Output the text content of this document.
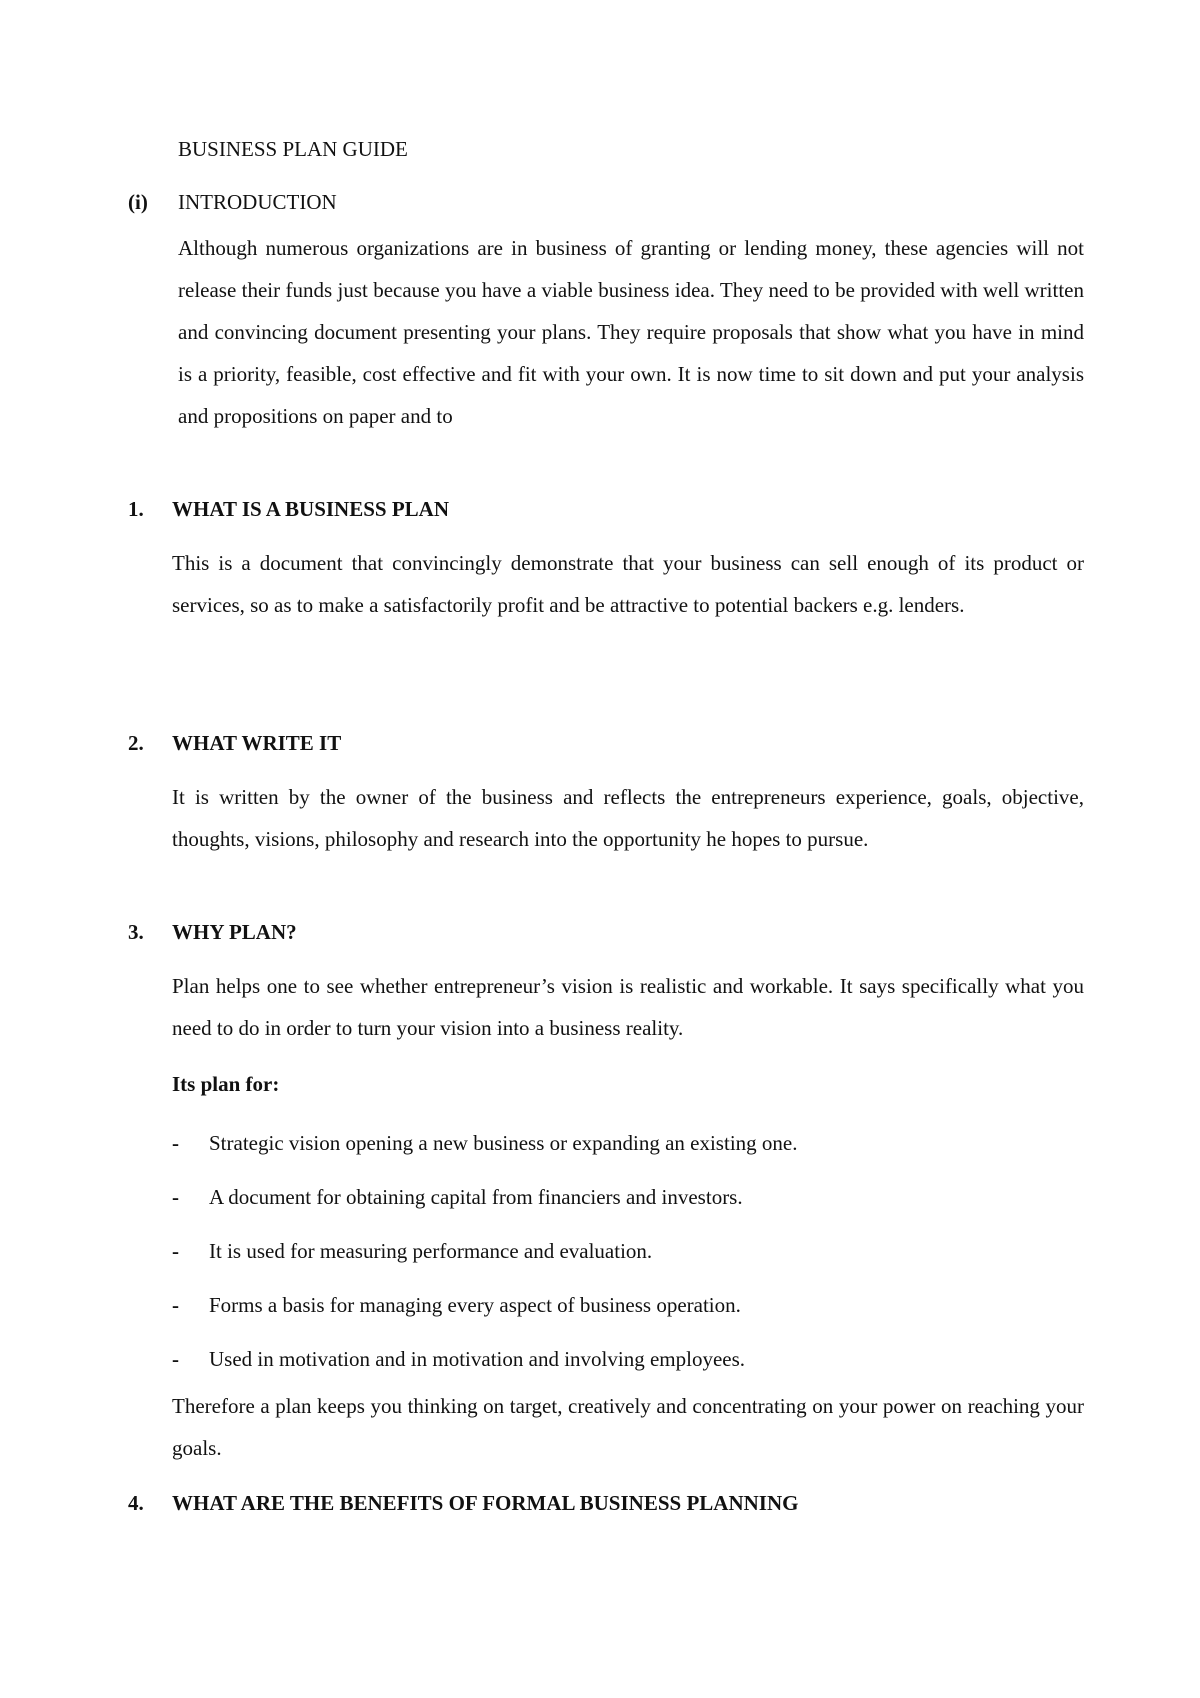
BUSINESS PLAN GUIDE
(i) INTRODUCTION
Although numerous organizations are in business of granting or lending money, these agencies will not release their funds just because you have a viable business idea. They need to be provided with well written and convincing document presenting your plans. They require proposals that show what you have in mind is a priority, feasible, cost effective and fit with your own. It is now time to sit down and put your analysis and propositions on paper and to
1. WHAT IS A BUSINESS PLAN
This is a document that convincingly demonstrate that your business can sell enough of its product or services, so as to make a satisfactorily profit and be attractive to potential backers e.g. lenders.
2. WHAT WRITE IT
It is written by the owner of the business and reflects the entrepreneurs experience, goals, objective, thoughts, visions, philosophy and research into the opportunity he hopes to pursue.
3. WHY PLAN?
Plan helps one to see whether entrepreneur’s vision is realistic and workable. It says specifically what you need to do in order to turn your vision into a business reality.
Its plan for:
- Strategic vision opening a new business or expanding an existing one.
- A document for obtaining capital from financiers and investors.
- It is used for measuring performance and evaluation.
- Forms a basis for managing every aspect of business operation.
- Used in motivation and in motivation and involving employees.
Therefore a plan keeps you thinking on target, creatively and concentrating on your power on reaching your goals.
4. WHAT ARE THE BENEFITS OF FORMAL BUSINESS PLANNING
